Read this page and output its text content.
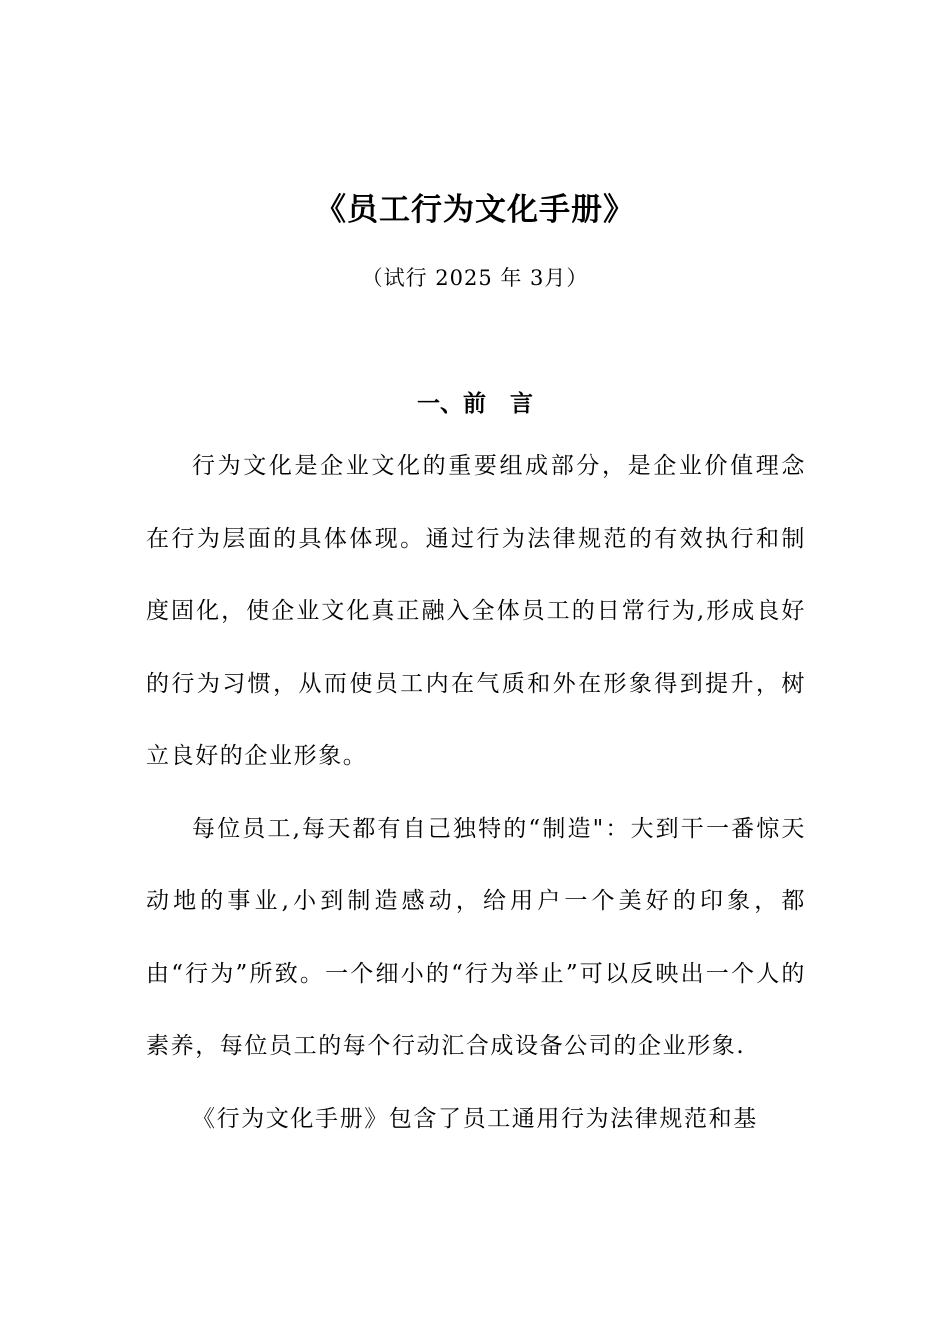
《员工行为文化手册》
（试行 2025 年 3月）
一、前 言

行为文化是企业文化的重要组成部分，是企业价值理念在行为层面的具体体现。通过行为法律规范的有效执行和制度固化，使企业文化真正融入全体员工的日常行为,形成良好的行为习惯，从而使员工内在气质和外在形象得到提升，树立良好的企业形象。

每位员工,每天都有自己独特的“制造"：大到干一番惊天动地的事业,小到制造感动，给用户一个美好的印象，都由“行为”所致。一个细小的“行为举止”可以反映出一个人的素养，每位员工的每个行动汇合成设备公司的企业形象.

《行为文化手册》包含了员工通用行为法律规范和基
